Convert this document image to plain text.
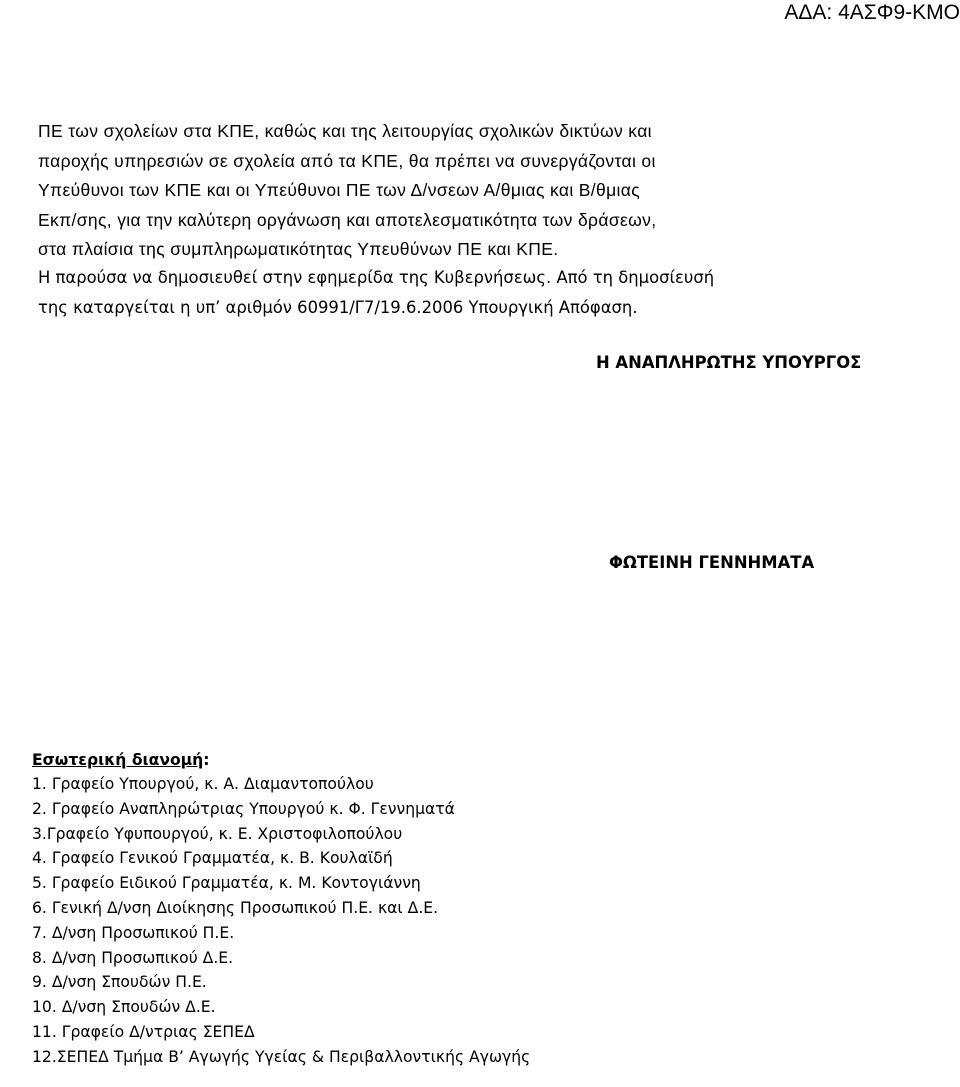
ΑΔΑ: 4ΑΣΦ9-ΚΜΟ
ΠΕ των σχολείων στα ΚΠΕ, καθώς και της λειτουργίας σχολικών δικτύων και
παροχής υπηρεσιών σε σχολεία από τα ΚΠΕ, θα πρέπει να συνεργάζονται οι
Υπεύθυνοι των ΚΠΕ και οι Υπεύθυνοι ΠΕ των Δ/νσεων Α/θμιας και Β/θμιας
Εκπ/σης, για την καλύτερη οργάνωση και αποτελεσματικότητα των δράσεων,
στα πλαίσια της συμπληρωματικότητας Υπευθύνων ΠΕ και ΚΠΕ.
Η παρούσα να δημοσιευθεί στην εφημερίδα της Κυβερνήσεως. Από τη δημοσίευσή
της καταργείται η υπ’ αριθμόν 60991/Γ7/19.6.2006 Υπουργική Απόφαση.
Η ΑΝΑΠΛΗΡΩΤΗΣ ΥΠΟΥΡΓΟΣ
ΦΩΤΕΙΝΗ ΓΕΝΝΗΜΑΤΑ
Εσωτερική διανομή:
1. Γραφείο Υπουργού, κ. Α. Διαμαντοπούλου
2. Γραφείο Αναπληρώτριας Υπουργού κ. Φ. Γεννηματά
3.Γραφείο Υφυπουργού, κ. Ε. Χριστοφιλοπούλου
4. Γραφείο Γενικού Γραμματέα, κ. Β. Κουλαϊδή
5. Γραφείο Ειδικού Γραμματέα, κ. Μ. Κοντογιάννη
6. Γενική Δ/νση Διοίκησης Προσωπικού Π.Ε. και Δ.Ε.
7. Δ/νση Προσωπικού Π.Ε.
8. Δ/νση Προσωπικού Δ.Ε.
9. Δ/νση Σπουδών Π.Ε.
10. Δ/νση Σπουδών Δ.Ε.
11. Γραφείο Δ/ντριας ΣΕΠΕΔ
12.ΣΕΠΕΔ Τμήμα Β’ Αγωγής Υγείας & Περιβαλλοντικής Αγωγής
